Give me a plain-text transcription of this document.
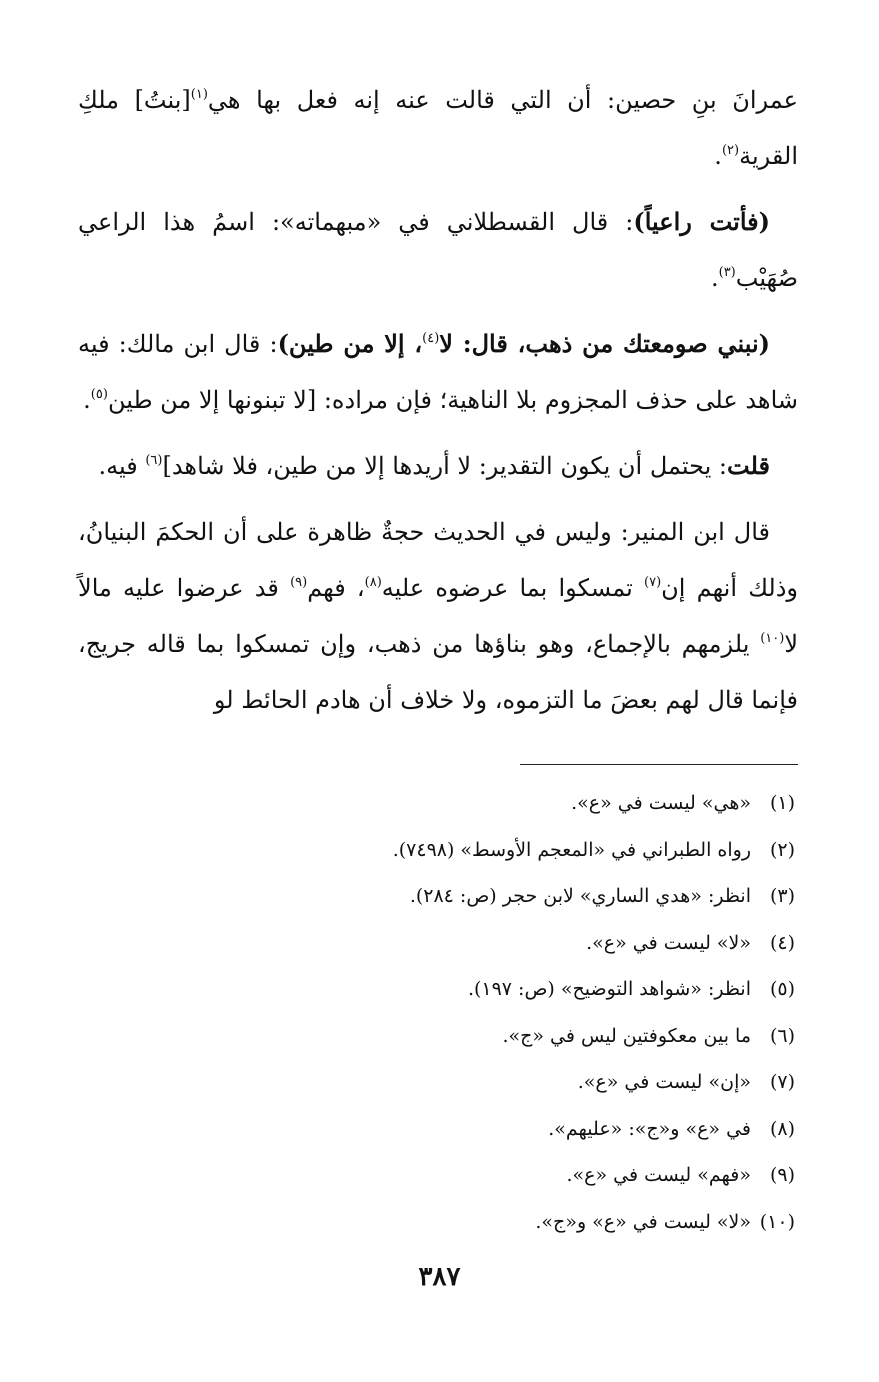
عمرانَ بنِ حصين: أن التي قالت عنه إنه فعل بها هي$^{(١)}$[بنتُ] ملكِ القرية$^{(٢)}$.

(فأتت راعياً): قال القسطلاني في «مبهماته»: اسمُ هذا الراعي صُهَيْب$^{(٣)}$.

(نبني صومعتك من ذهب، قال: لا$^{(٤)}$، إلا من طين): قال ابن مالك: فيه شاهد على حذف المجزوم بلا الناهية؛ فإن مراده: [لا تبنونها إلا من طين$^{(٥)}$.

قلت: يحتمل أن يكون التقدير: لا أريدها إلا من طين، فلا شاهد]$^{(٦)}$ فيه.

قال ابن المنير: وليس في الحديث حجةٌ ظاهرة على أن الحكمَ البنيانُ، وذلك أنهم إن$^{(٧)}$ تمسكوا بما عرضوه عليه$^{(٨)}$، فهم$^{(٩)}$ قد عرضوا عليه مالاً لا$^{(١٠)}$ يلزمهم بالإجماع، وهو بناؤها من ذهب، وإن تمسكوا بما قاله جريج، فإنما قال لهم بعضَ ما التزموه، ولا خلاف أن هادم الحائط لو

(١)«هي» ليست في «ع».
(٢)رواه الطبراني في «المعجم الأوسط» (٧٤٩٨).
(٣)انظر: «هدي الساري» لابن حجر (ص: ٢٨٤).
(٤)«لا» ليست في «ع».
(٥)انظر: «شواهد التوضيح» (ص: ١٩٧).
(٦)ما بين معكوفتين ليس في «ج».
(٧)«إن» ليست في «ع».
(٨)في «ع» و«ج»: «عليهم».
(٩)«فهم» ليست في «ع».
(١٠)«لا» ليست في «ع» و«ج».
٣٨٧
